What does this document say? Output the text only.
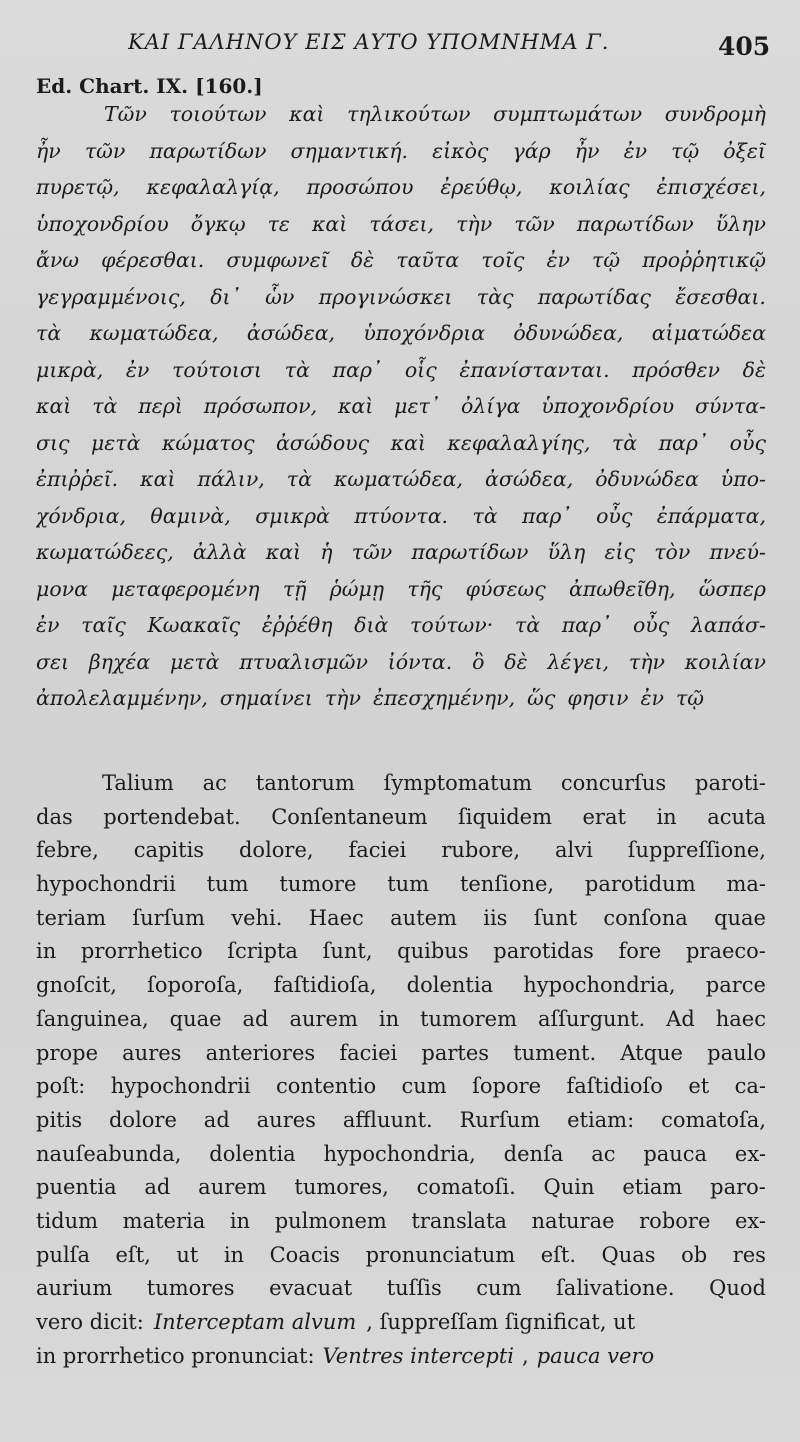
ΚΑΙ ΓΑΛΗΝΟΥ ΕΙΣ ΑΥΤΟ ΥΠΟΜΝΗΜΑ Γ.	405
Ed. Chart. IX. [160.]
Τῶν τοιούτων καὶ τηλικούτων συμπτωμάτων συνδρομὴ
ἦν τῶν παρωτίδων σημαντική. εἰκὸς γάρ ἦν ἐν τῷ ὀξεῖ
πυρετῷ, κεφαλαλγίᾳ, προσώπου ἐρεύθῳ, κοιλίας ἐπισχέσει,
ὑποχονδρίου ὄγκῳ τε καὶ τάσει, τὴν τῶν παρωτίδων ὕλην
ἄνω φέρεσθαι. συμφωνεῖ δὲ ταῦτα τοῖς ἐν τῷ προῤῥητικῷ
γεγραμμένοις, δι᾽ ὧν προγινώσκει τὰς παρωτίδας ἔσεσθαι.
τὰ κωματώδεα, ἀσώδεα, ὑποχόνδρια ὀδυνώδεα, αἱματώδεα
μικρὰ, ἐν τούτοισι τὰ παρ᾽ οἷς ἐπανίστανται. πρόσθεν δὲ
καὶ τὰ περὶ πρόσωπον, καὶ μετ᾽ ὀλίγα ὑποχονδρίου σύντα-
σις μετὰ κώματος ἀσώδους καὶ κεφαλαλγίης, τὰ παρ᾽ οὖς
ἐπιῤῥεῖ. καὶ πάλιν, τὰ κωματώδεα, ἀσώδεα, ὀδυνώδεα ὑπο-
χόνδρια, θαμινὰ, σμικρὰ πτύοντα. τὰ παρ᾽ οὖς ἐπάρματα,
κωματώδεες, ἀλλὰ καὶ ἡ τῶν παρωτίδων ὕλη εἰς τὸν πνεύ-
μονα μεταφερομένη τῇ ῥώμῃ τῆς φύσεως ἀπωθεῖθη, ὥσπερ
ἐν ταῖς Κωακαῖς ἐῤῥέθη διὰ τούτων· τὰ παρ᾽ οὖς λαπάσ-
σει βηχέα μετὰ πτυαλισμῶν ἰόντα. ὃ δὲ λέγει, τὴν κοιλίαν
ἀπολελαμμένην, σημαίνει τὴν ἐπεσχημένην, ὥς φησιν ἐν τῷ
Talium ac tantorum ſymptomatum concurſus paroti-
das portendebat. Conſentaneum ſiquidem erat in acuta
febre, capitis dolore, faciei rubore, alvi ſuppreſſione,
hypochondrii tum tumore tum tenſione, parotidum ma-
teriam ſurſum vehi. Haec autem iis ſunt conſona quae
in prorrhetico ſcripta ſunt, quibus parotidas fore praeco-
gnoſcit, ſoporoſa, faſtidioſa, dolentia hypochondria, parce
ſanguinea, quae ad aurem in tumorem aſſurgunt. Ad haec
prope aures anteriores faciei partes tument. Atque paulo
poſt: hypochondrii contentio cum ſopore faſtidioſo et ca-
pitis dolore ad aures affluunt. Rurſum etiam: comatoſa,
nauſeabunda, dolentia hypochondria, denſa ac pauca ex-
puentia ad aurem tumores, comatoſi. Quin etiam paro-
tidum materia in pulmonem translata naturae robore ex-
pulſa eſt, ut in Coacis pronunciatum eſt. Quas ob res
aurium tumores evacuat tuſſis cum ſalivatione. Quod
vero dicit: Interceptam alvum , ſuppreſſam ſignificat, ut
in prorrhetico pronunciat: Ventres intercepti , pauca vero
